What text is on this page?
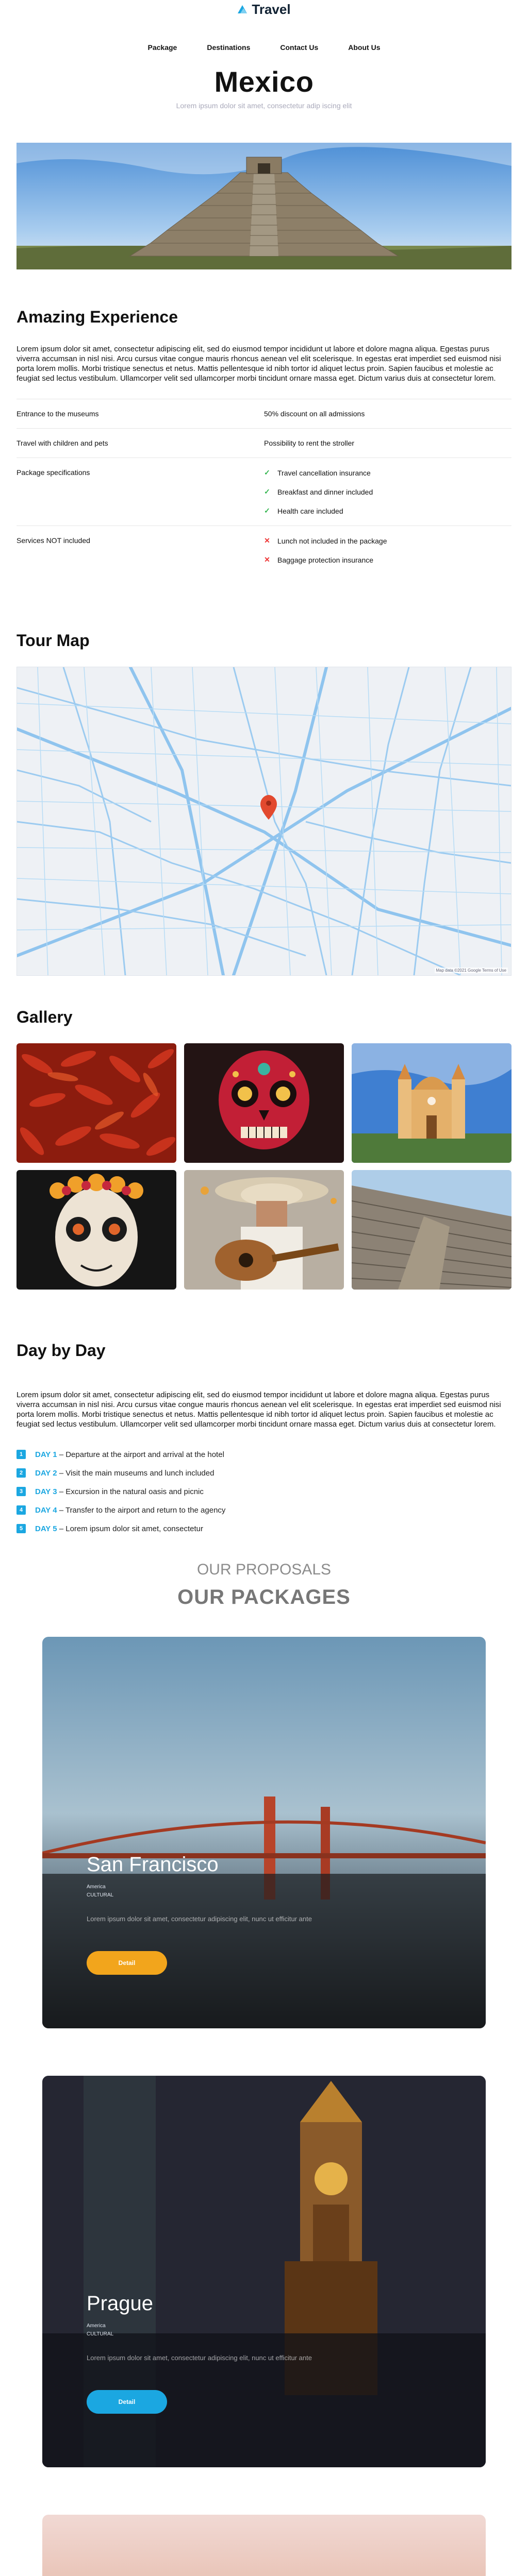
Travel
Package	Destinations	Contact Us	About Us
Mexico
Lorem ipsum dolor sit amet, consectetur adip iscing elit
Amazing Experience

Lorem ipsum dolor sit amet, consectetur adipiscing elit, sed do eiusmod tempor incididunt ut labore et dolore magna aliqua. Egestas purus viverra accumsan in nisl nisi. Arcu cursus vitae congue mauris rhoncus aenean vel elit scelerisque. In egestas erat imperdiet sed euismod nisi porta lorem mollis. Morbi tristique senectus et netus. Mattis pellentesque id nibh tortor id aliquet lectus proin. Sapien faucibus et molestie ac feugiat sed lectus vestibulum. Ullamcorper velit sed ullamcorper morbi tincidunt ornare massa eget. Dictum varius duis at consectetur lorem.

Entrance to the museums	50% discount on all admissions
Travel with children and pets	Possibility to rent the stroller
Package specifications	✓ Travel cancellation insurance
✓ Breakfast and dinner included
✓ Health care included
Services NOT included	✕ Lunch not included in the package
✕ Baggage protection insurance
Tour Map
Map data ©2021 Google Terms of Use
Gallery
Day by Day

Lorem ipsum dolor sit amet, consectetur adipiscing elit, sed do eiusmod tempor incididunt ut labore et dolore magna aliqua. Egestas purus viverra accumsan in nisl nisi. Arcu cursus vitae congue mauris rhoncus aenean vel elit scelerisque. In egestas erat imperdiet sed euismod nisi porta lorem mollis. Morbi tristique senectus et netus. Mattis pellentesque id nibh tortor id aliquet lectus proin. Sapien faucibus et molestie ac feugiat sed lectus vestibulum. Ullamcorper velit sed ullamcorper morbi tincidunt ornare massa eget. Dictum varius duis at consectetur lorem.

1	DAY 1 – Departure at the airport and arrival at the hotel
2	DAY 2 – Visit the main museums and lunch included
3	DAY 3 – Excursion in the natural oasis and picnic
4	DAY 4 – Transfer to the airport and return to the agency
5	DAY 5 – Lorem ipsum dolor sit amet, consectetur
OUR PROPOSALS
OUR PACKAGES
San Francisco
America
CULTURAL
Lorem ipsum dolor sit amet, consectetur adipiscing elit, nunc ut efficitur ante
Detail
Prague
America
CULTURAL
Lorem ipsum dolor sit amet, consectetur adipiscing elit, nunc ut efficitur ante
Detail
